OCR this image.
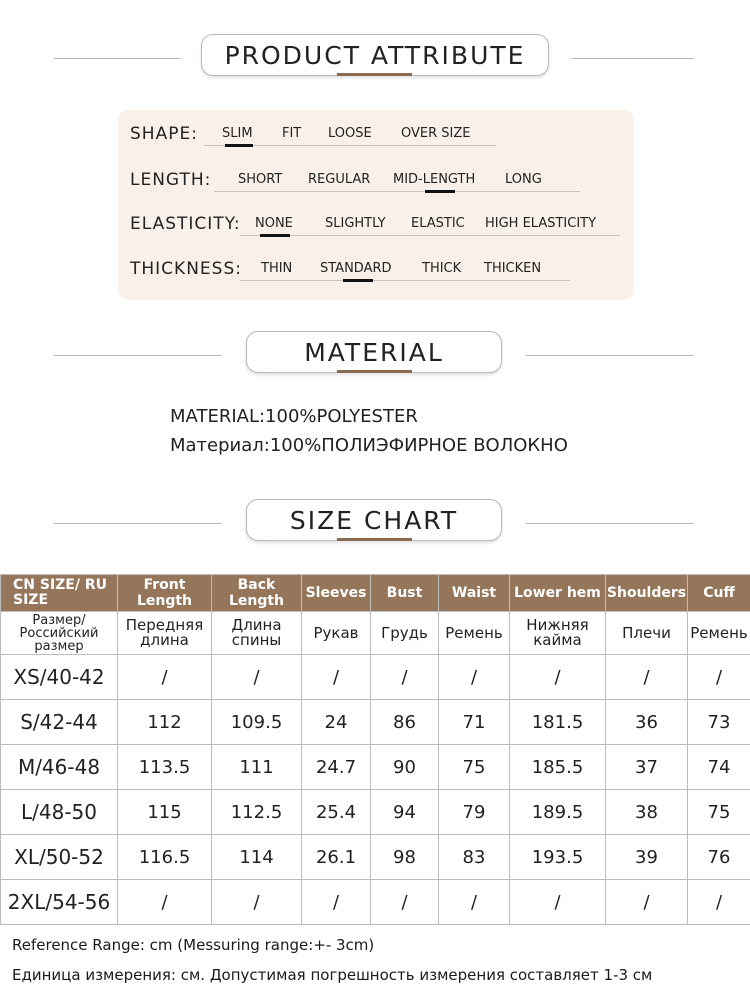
PRODUCT ATTRIBUTE
SHAPE: SLIM FIT LOOSE OVER SIZE
LENGTH: SHORT REGULAR MID-LENGTH LONG
ELASTICITY: NONE SLIGHTLY ELASTIC HIGH ELASTICITY
THICKNESS: THIN STANDARD THICK THICKEN
MATERIAL
MATERIAL:100%POLYESTER
Материал:100%ПОЛИЭФИРНОЕ ВОЛОКНО
SIZE CHART
CN SIZE/ RU SIZE	Front Length	Back Length	Sleeves	Bust	Waist	Lower hem	Shoulders	Cuff
Размер/ Российский размер	Передняя длина	Длина спины	Рукав	Грудь	Ремень	Нижняя кайма	Плечи	Ремень
XS/40-42	/	/	/	/	/	/	/	/
S/42-44	112	109.5	24	86	71	181.5	36	73
M/46-48	113.5	111	24.7	90	75	185.5	37	74
L/48-50	115	112.5	25.4	94	79	189.5	38	75
XL/50-52	116.5	114	26.1	98	83	193.5	39	76
2XL/54-56	/	/	/	/	/	/	/	/
Reference Range: cm (Messuring range:+- 3cm)
Единица измерения: см. Допустимая погрешность измерения составляет 1-3 см
